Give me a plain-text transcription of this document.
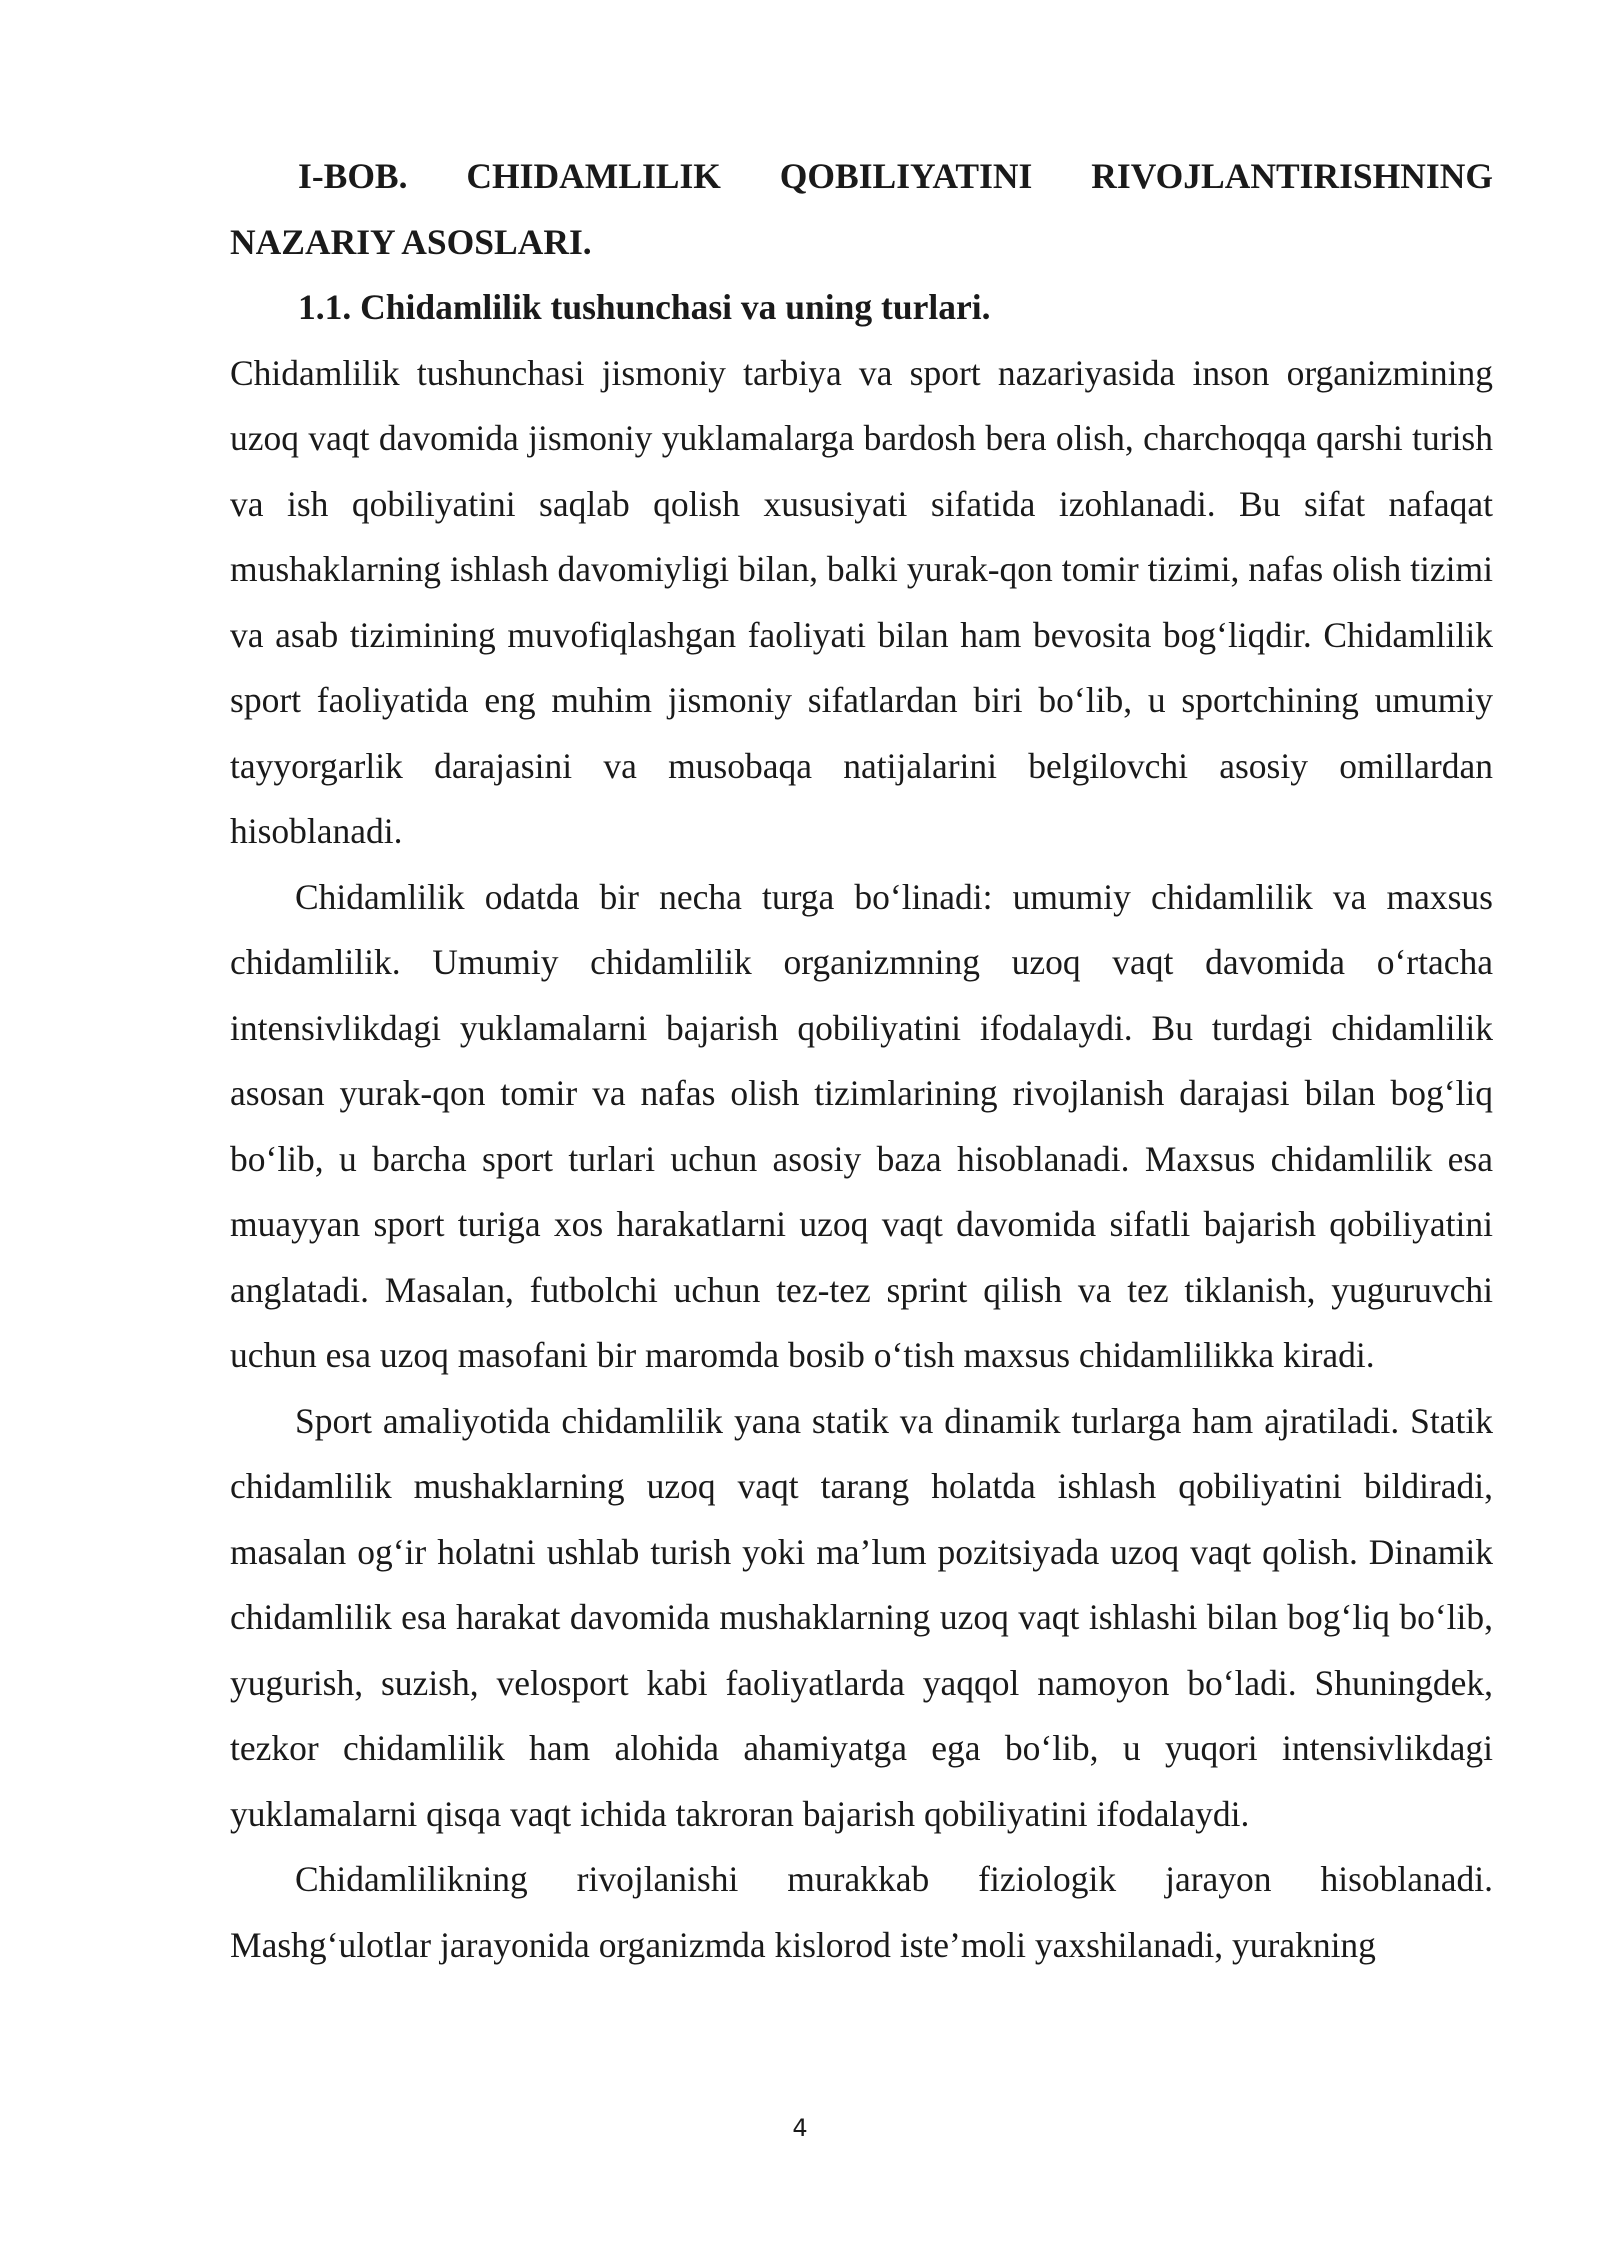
I-BOB.   CHIDAMLILIK   QOBILIYATINI   RIVOJLANTIRISHNING NAZARIY ASOSLARI.
1.1. Chidamlilik tushunchasi va uning turlari.

Chidamlilik tushunchasi jismoniy tarbiya va sport nazariyasida inson organizmining uzoq vaqt davomida jismoniy yuklamalarga bardosh bera olish, charchoqqa qarshi turish va ish qobiliyatini saqlab qolish xususiyati sifatida izohlanadi. Bu sifat nafaqat mushaklarning ishlash davomiyligi bilan, balki yurak-qon tomir tizimi, nafas olish tizimi va asab tizimining muvofiqlashgan faoliyati bilan ham bevosita bog‘liqdir. Chidamlilik sport faoliyatida eng muhim jismoniy sifatlardan biri bo‘lib, u sportchining umumiy tayyorgarlik darajasini va musobaqa natijalarini belgilovchi asosiy omillardan hisoblanadi.

Chidamlilik odatda bir necha turga bo‘linadi: umumiy chidamlilik va maxsus chidamlilik. Umumiy chidamlilik organizmning uzoq vaqt davomida o‘rtacha intensivlikdagi yuklamalarni bajarish qobiliyatini ifodalaydi. Bu turdagi chidamlilik asosan yurak-qon tomir va nafas olish tizimlarining rivojlanish darajasi bilan bog‘liq bo‘lib, u barcha sport turlari uchun asosiy baza hisoblanadi. Maxsus chidamlilik esa muayyan sport turiga xos harakatlarni uzoq vaqt davomida sifatli bajarish qobiliyatini anglatadi. Masalan, futbolchi uchun tez-tez sprint qilish va tez tiklanish, yuguruvchi uchun esa uzoq masofani bir maromda bosib o‘tish maxsus chidamlilikka kiradi.

Sport amaliyotida chidamlilik yana statik va dinamik turlarga ham ajratiladi. Statik chidamlilik mushaklarning uzoq vaqt tarang holatda ishlash qobiliyatini bildiradi, masalan og‘ir holatni ushlab turish yoki ma’lum pozitsiyada uzoq vaqt qolish. Dinamik chidamlilik esa harakat davomida mushaklarning uzoq vaqt ishlashi bilan bog‘liq bo‘lib, yugurish, suzish, velosport kabi faoliyatlarda yaqqol namoyon bo‘ladi. Shuningdek, tezkor chidamlilik ham alohida ahamiyatga ega bo‘lib, u yuqori intensivlikdagi yuklamalarni qisqa vaqt ichida takroran bajarish qobiliyatini ifodalaydi.

Chidamlilikning rivojlanishi murakkab fiziologik jarayon hisoblanadi. Mashg‘ulotlar jarayonida organizmda kislorod iste’moli yaxshilanadi, yurakning

4
